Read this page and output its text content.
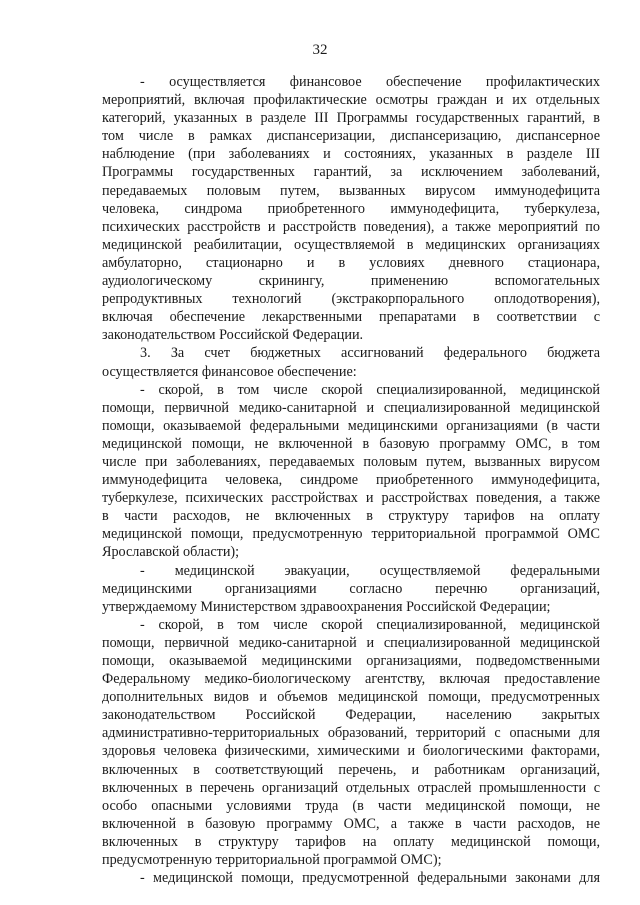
32
- осуществляется финансовое обеспечение профилактических
мероприятий, включая профилактические осмотры граждан и их отдельных
категорий, указанных в разделе III Программы государственных гарантий, в
том числе в рамках диспансеризации, диспансеризацию, диспансерное
наблюдение (при заболеваниях и состояниях, указанных в разделе III
Программы государственных гарантий, за исключением заболеваний,
передаваемых половым путем, вызванных вирусом иммунодефицита
человека, синдрома приобретенного иммунодефицита, туберкулеза,
психических расстройств и расстройств поведения), а также мероприятий по
медицинской реабилитации, осуществляемой в медицинских организациях
амбулаторно, стационарно и в условиях дневного стационара,
аудиологическому скринингу, применению вспомогательных
репродуктивных технологий (экстракорпорального оплодотворения),
включая обеспечение лекарственными препаратами в соответствии с
законодательством Российской Федерации.
3. За счет бюджетных ассигнований федерального бюджета
осуществляется финансовое обеспечение:
- скорой, в том числе скорой специализированной, медицинской
помощи, первичной медико-санитарной и специализированной медицинской
помощи, оказываемой федеральными медицинскими организациями (в части
медицинской помощи, не включенной в базовую программу ОМС, в том
числе при заболеваниях, передаваемых половым путем, вызванных вирусом
иммунодефицита человека, синдроме приобретенного иммунодефицита,
туберкулезе, психических расстройствах и расстройствах поведения, а также
в части расходов, не включенных в структуру тарифов на оплату
медицинской помощи, предусмотренную территориальной программой ОМС
Ярославской области);
- медицинской эвакуации, осуществляемой федеральными
медицинскими организациями согласно перечню организаций,
утверждаемому Министерством здравоохранения Российской Федерации;
- скорой, в том числе скорой специализированной, медицинской
помощи, первичной медико-санитарной и специализированной медицинской
помощи, оказываемой медицинскими организациями, подведомственными
Федеральному медико-биологическому агентству, включая предоставление
дополнительных видов и объемов медицинской помощи, предусмотренных
законодательством Российской Федерации, населению закрытых
административно-территориальных образований, территорий с опасными для
здоровья человека физическими, химическими и биологическими факторами,
включенных в соответствующий перечень, и работникам организаций,
включенных в перечень организаций отдельных отраслей промышленности с
особо опасными условиями труда (в части медицинской помощи, не
включенной в базовую программу ОМС, а также в части расходов, не
включенных в структуру тарифов на оплату медицинской помощи,
предусмотренную территориальной программой ОМС);
- медицинской помощи, предусмотренной федеральными законами для
